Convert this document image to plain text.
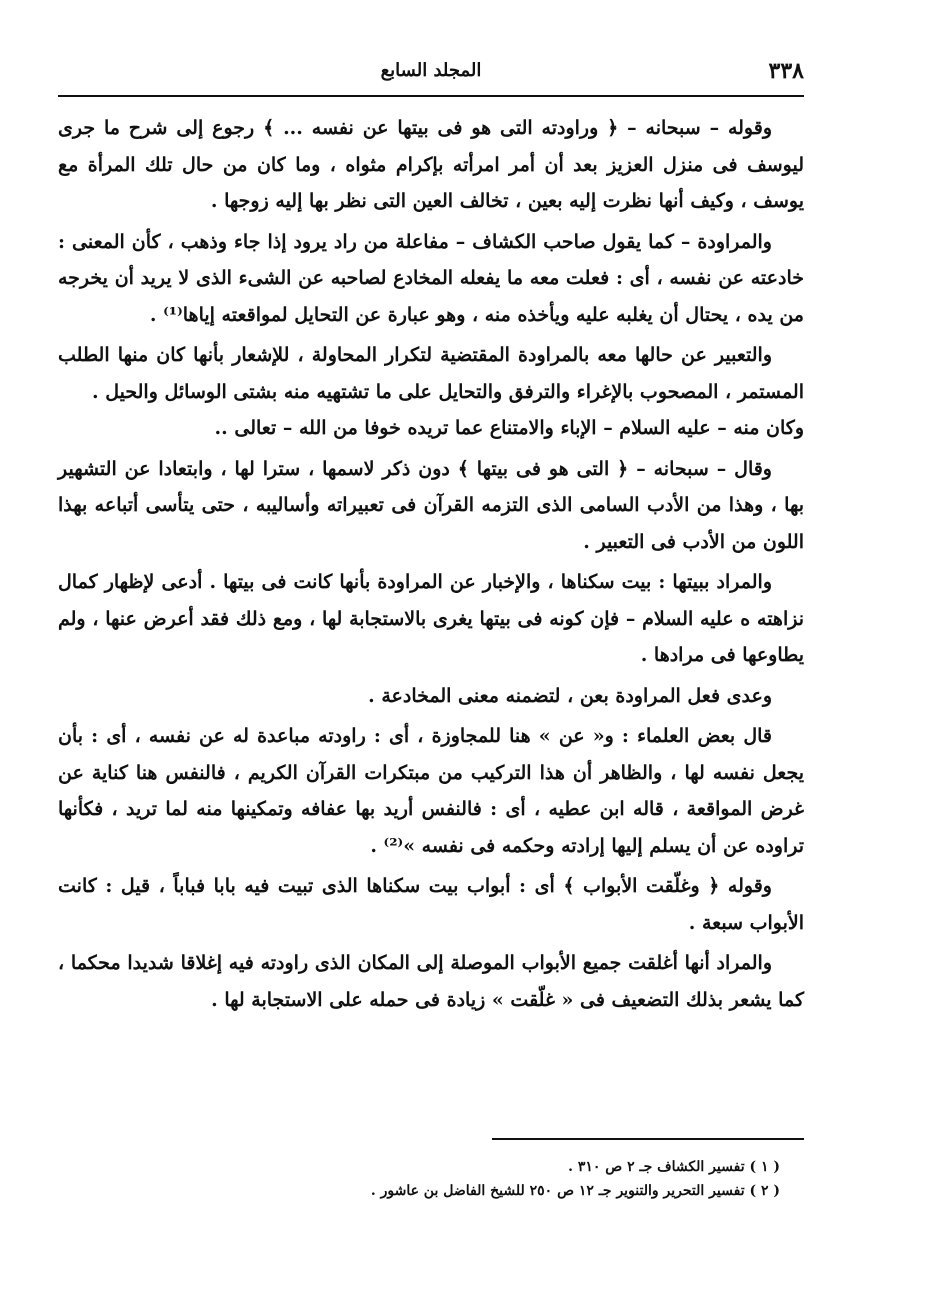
٣٣٨
المجلد السابع

وقوله – سبحانه – ﴿ وراودته التى هو فى بيتها عن نفسه ... ﴾ رجوع إلى شرح ما جرى ليوسف فى منزل العزيز بعد أن أمر امرأته بإكرام مثواه ، وما كان من حال تلك المرأة مع يوسف ، وكيف أنها نظرت إليه بعين ، تخالف العين التى نظر بها إليه زوجها .

والمراودة – كما يقول صاحب الكشاف – مفاعلة من راد يرود إذا جاء وذهب ، كأن المعنى : خادعته عن نفسه ، أى : فعلت معه ما يفعله المخادع لصاحبه عن الشىء الذى لا يريد أن يخرجه من يده ، يحتال أن يغلبه عليه ويأخذه منه ، وهو عبارة عن التحايل لمواقعته إياها⁽¹⁾ .

والتعبير عن حالها معه بالمراودة المقتضية لتكرار المحاولة ، للإشعار بأنها كان منها الطلب المستمر ، المصحوب بالإغراء والترفق والتحايل على ما تشتهيه منه بشتى الوسائل والحيل .

وكان منه – عليه السلام – الإباء والامتناع عما تريده خوفا من الله – تعالى ..

وقال – سبحانه – ﴿ التى هو فى بيتها ﴾ دون ذكر لاسمها ، سترا لها ، وابتعادا عن التشهير بها ، وهذا من الأدب السامى الذى التزمه القرآن فى تعبيراته وأساليبه ، حتى يتأسى أتباعه بهذا اللون من الأدب فى التعبير .

والمراد ببيتها : بيت سكناها ، والإخبار عن المراودة بأنها كانت فى بيتها . أدعى لإظهار كمال نزاهته ه عليه السلام – فإن كونه فى بيتها يغرى بالاستجابة لها ، ومع ذلك فقد أعرض عنها ، ولم يطاوعها فى مرادها .

وعدى فعل المراودة بعن ، لتضمنه معنى المخادعة .

قال بعض العلماء : و« عن » هنا للمجاوزة ، أى : راودته مباعدة له عن نفسه ، أى : بأن يجعل نفسه لها ، والظاهر أن هذا التركيب من مبتكرات القرآن الكريم ، فالنفس هنا كناية عن غرض المواقعة ، قاله ابن عطيه ، أى : فالنفس أريد بها عفافه وتمكينها منه لما تريد ، فكأنها تراوده عن أن يسلم إليها إرادته وحكمه فى نفسه »⁽²⁾ .

وقوله ﴿ وغلّقت الأبواب ﴾ أى : أبواب بيت سكناها الذى تبيت فيه بابا فباباً ، قيل : كانت الأبواب سبعة .

والمراد أنها أغلقت جميع الأبواب الموصلة إلى المكان الذى راودته فيه إغلاقا شديدا محكما ، كما يشعر بذلك التضعيف فى « غلّقت » زيادة فى حمله على الاستجابة لها .

( ١ ) تفسير الكشاف جـ ٢ ص ٣١٠ .

( ٢ ) تفسير التحرير والتنوير جـ ١٢ ص ٢٥٠ للشيخ الفاضل بن عاشور .
